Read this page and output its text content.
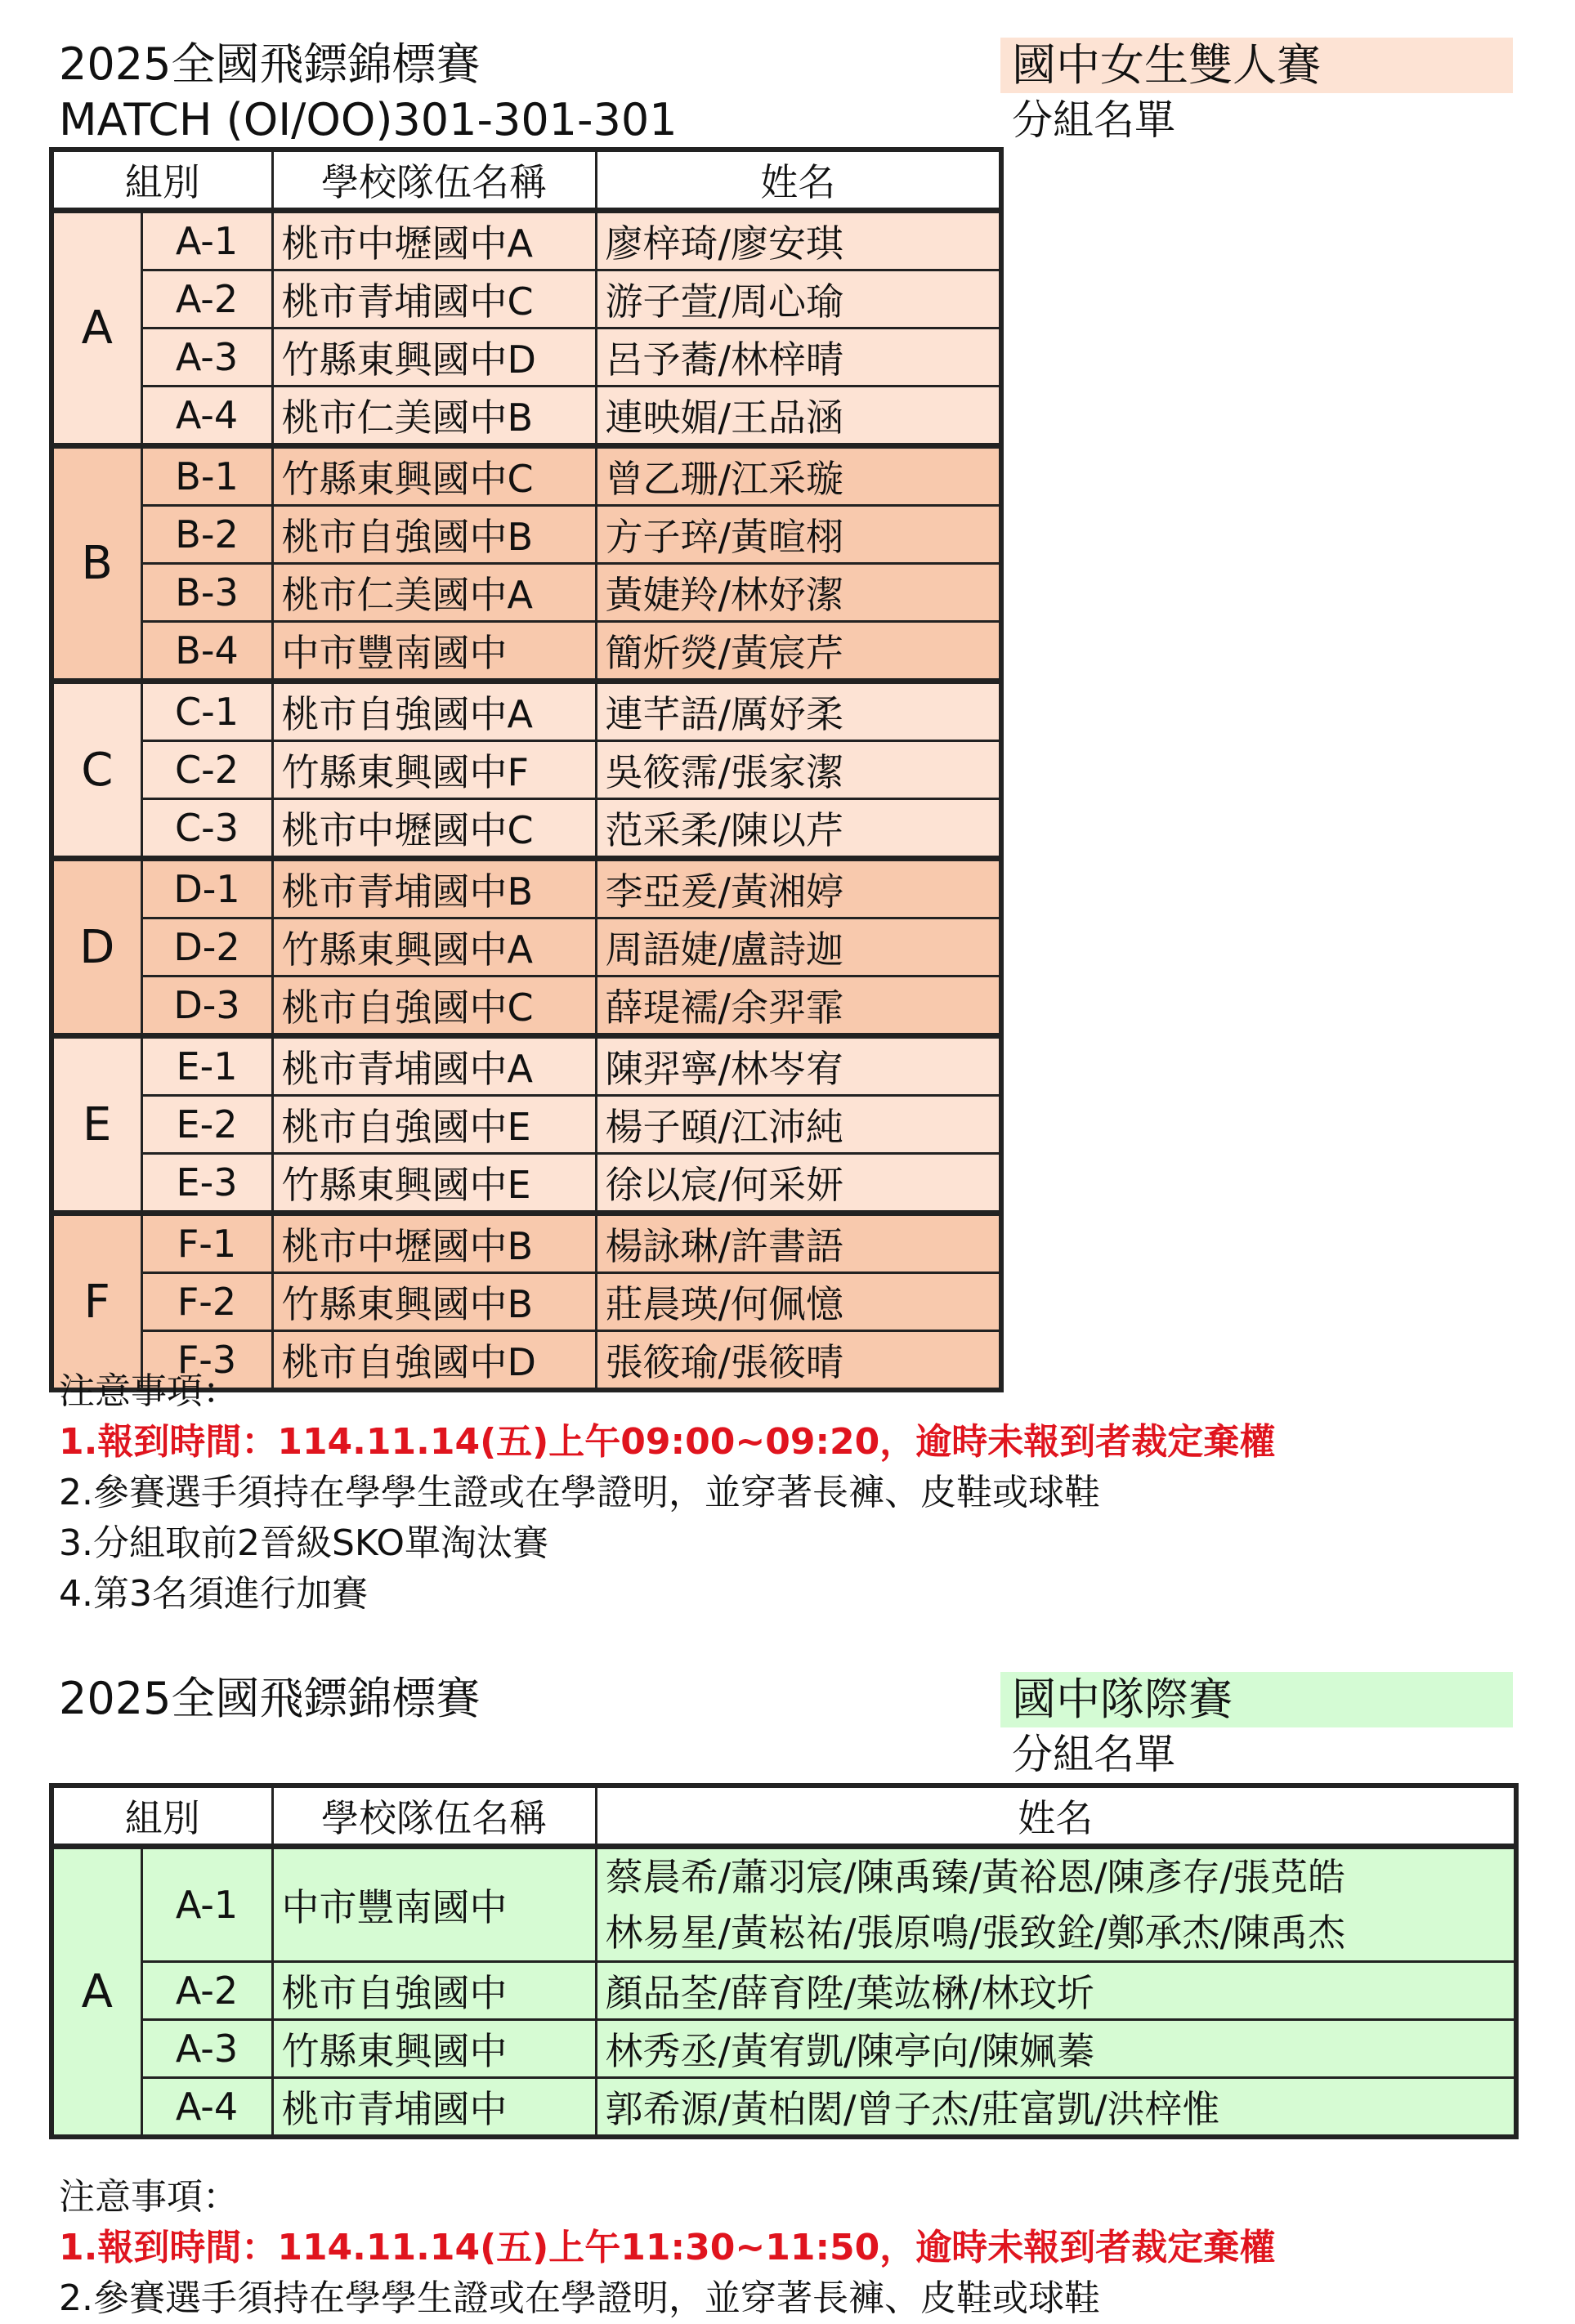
2025全國飛鏢錦標賽
MATCH (OI/OO)301-301-301
國中女生雙人賽
分組名單
組別		學校隊伍名稱	姓名
A	A-1	桃市中壢國中A	廖梓琦/廖安琪
	A-2	桃市青埔國中C	游子萱/周心瑜
	A-3	竹縣東興國中D	呂予蕎/林梓晴
	A-4	桃市仁美國中B	連映媚/王品涵
B	B-1	竹縣東興國中C	曾乙珊/江采璇
	B-2	桃市自強國中B	方子琗/黃暄栩
	B-3	桃市仁美國中A	黃婕羚/林妤潔
	B-4	中市豐南國中	簡炘熒/黃宸芹
C	C-1	桃市自強國中A	連芊語/厲妤柔
	C-2	竹縣東興國中F	吳筱霈/張家潔
	C-3	桃市中壢國中C	范采柔/陳以芹
D	D-1	桃市青埔國中B	李亞爰/黃湘婷
	D-2	竹縣東興國中A	周語婕/盧詩迦
	D-3	桃市自強國中C	薛瑅襦/余羿霏
E	E-1	桃市青埔國中A	陳羿寧/林岑宥
	E-2	桃市自強國中E	楊子頤/江沛純
	E-3	竹縣東興國中E	徐以宸/何采妍
F	F-1	桃市中壢國中B	楊詠琳/許書語
	F-2	竹縣東興國中B	莊晨瑛/何佩憶
	F-3	桃市自強國中D	張筱瑜/張筱晴
注意事項：
1.報到時間：114.11.14(五)上午09:00~09:20，逾時未報到者裁定棄權
2.參賽選手須持在學學生證或在學證明，並穿著長褲、皮鞋或球鞋
3.分組取前2晉級SKO單淘汰賽
4.第3名須進行加賽
2025全國飛鏢錦標賽	國中隊際賽
分組名單
組別		學校隊伍名稱	姓名
A	A-1	中市豐南國中	蔡晨希/蕭羽宸/陳禹臻/黃裕恩/陳彥存/張莌皓
林易星/黃崧祐/張原鳴/張致銓/鄭承杰/陳禹杰

	A-2	桃市自強國中	顏品荃/薛育陞/葉竑楙/林玟圻
	A-3	竹縣東興國中	林秀丞/黃宥凱/陳亭向/陳姵蓁
	A-4	桃市青埔國中	郭希源/黃柏閎/曾子杰/莊富凱/洪梓惟
注意事項：
1.報到時間：114.11.14(五)上午11:30~11:50，逾時未報到者裁定棄權
2.參賽選手須持在學學生證或在學證明，並穿著長褲、皮鞋或球鞋
